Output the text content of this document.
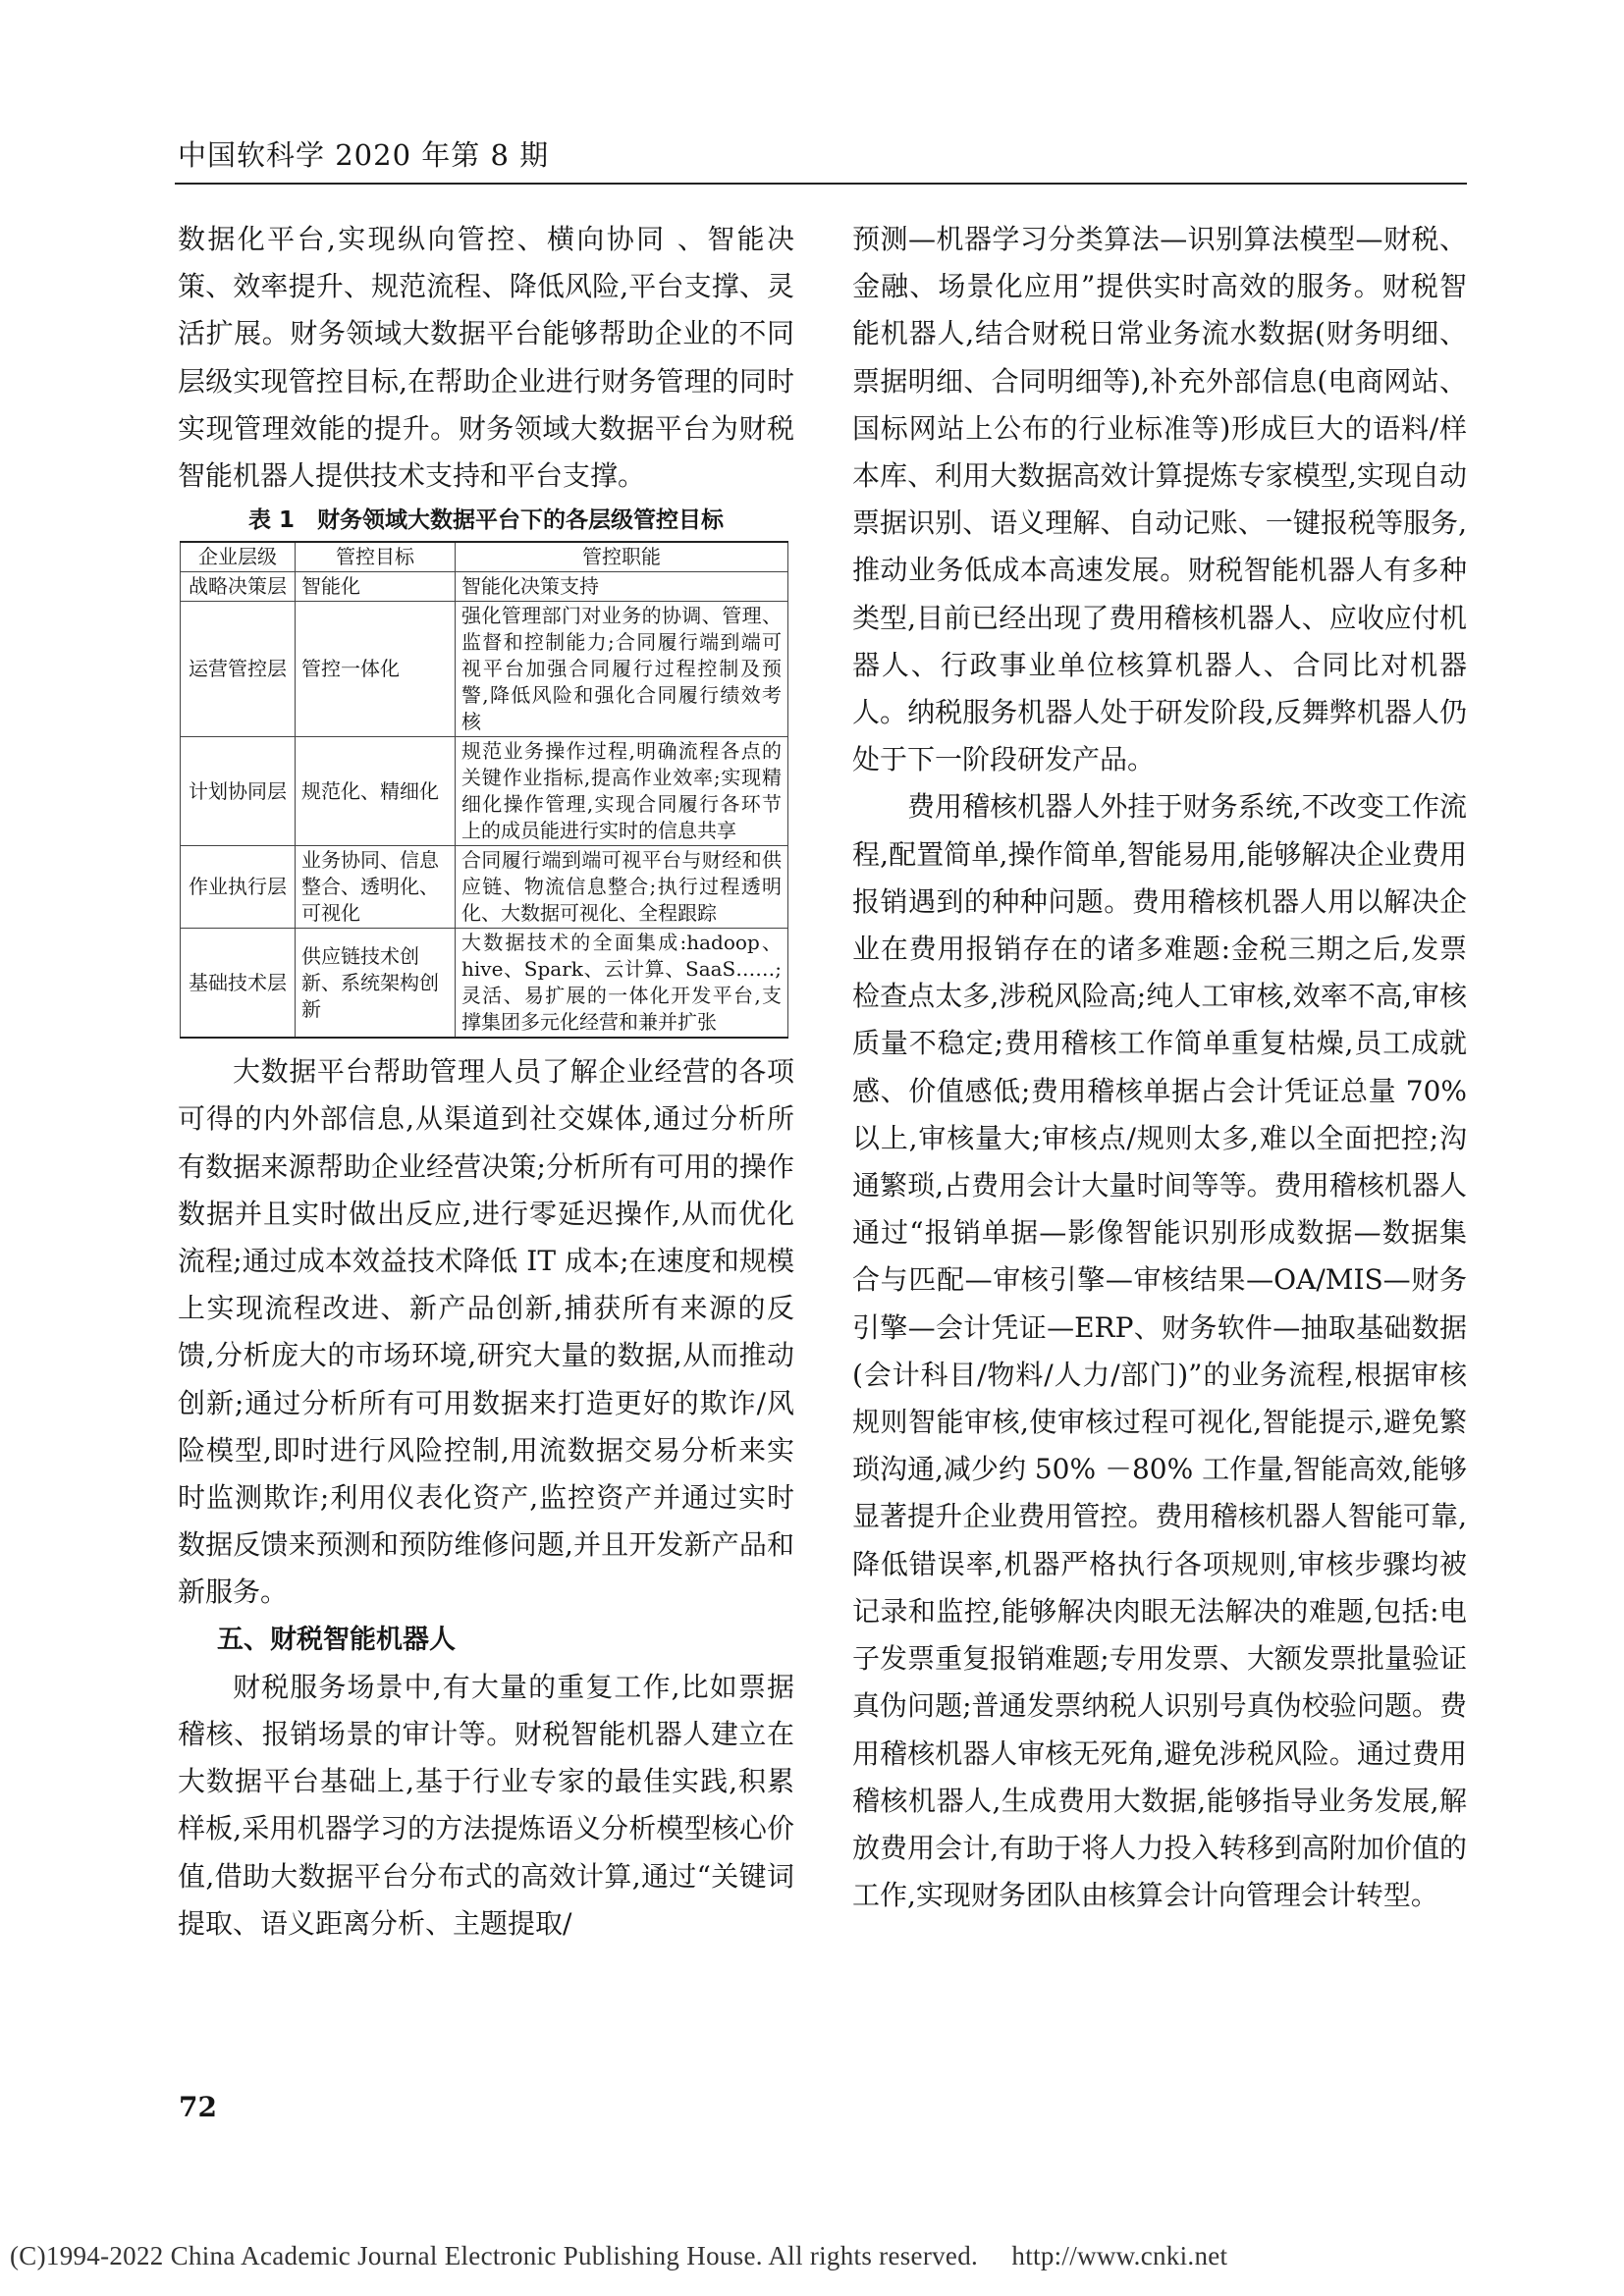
中国软科学 2020 年第 8 期

数据化平台,实现纵向管控、横向协同 、智能决策、效率提升、规范流程、降低风险,平台支撑、灵活扩展。财务领域大数据平台能够帮助企业的不同层级实现管控目标,在帮助企业进行财务管理的同时实现管理效能的提升。财务领域大数据平台为财税智能机器人提供技术支持和平台支撑。

表 1　财务领域大数据平台下的各层级管控目标
企业层级	管控目标	管控职能
战略决策层	智能化	智能化决策支持
运营管控层	管控一体化	强化管理部门对业务的协调、管理、监督和控制能力;合同履行端到端可视平台加强合同履行过程控制及预警,降低风险和强化合同履行绩效考核
计划协同层	规范化、精细化	规范业务操作过程,明确流程各点的关键作业指标,提高作业效率;实现精细化操作管理,实现合同履行各环节上的成员能进行实时的信息共享
作业执行层	业务协同、信息整合、透明化、可视化	合同履行端到端可视平台与财经和供应链、物流信息整合;执行过程透明化、大数据可视化、全程跟踪
基础技术层	供应链技术创新、系统架构创新	大数据技术的全面集成:hadoop、hive、Spark、云计算、SaaS……;灵活、易扩展的一体化开发平台,支撑集团多元化经营和兼并扩张

大数据平台帮助管理人员了解企业经营的各项可得的内外部信息,从渠道到社交媒体,通过分析所有数据来源帮助企业经营决策;分析所有可用的操作数据并且实时做出反应,进行零延迟操作,从而优化流程;通过成本效益技术降低 IT 成本;在速度和规模上实现流程改进、新产品创新,捕获所有来源的反馈,分析庞大的市场环境,研究大量的数据,从而推动创新;通过分析所有可用数据来打造更好的欺诈/风险模型,即时进行风险控制,用流数据交易分析来实时监测欺诈;利用仪表化资产,监控资产并通过实时数据反馈来预测和预防维修问题,并且开发新产品和新服务。

五、财税智能机器人

财税服务场景中,有大量的重复工作,比如票据稽核、报销场景的审计等。财税智能机器人建立在大数据平台基础上,基于行业专家的最佳实践,积累样板,采用机器学习的方法提炼语义分析模型核心价值,借助大数据平台分布式的高效计算,通过“关键词提取、语义距离分析、主题提取/

预测—机器学习分类算法—识别算法模型—财税、金融、场景化应用”提供实时高效的服务。财税智能机器人,结合财税日常业务流水数据(财务明细、票据明细、合同明细等),补充外部信息(电商网站、国标网站上公布的行业标准等)形成巨大的语料/样本库、利用大数据高效计算提炼专家模型,实现自动票据识别、语义理解、自动记账、一键报税等服务,推动业务低成本高速发展。财税智能机器人有多种类型,目前已经出现了费用稽核机器人、应收应付机器人、行政事业单位核算机器人、合同比对机器人。纳税服务机器人处于研发阶段,反舞弊机器人仍处于下一阶段研发产品。

费用稽核机器人外挂于财务系统,不改变工作流程,配置简单,操作简单,智能易用,能够解决企业费用报销遇到的种种问题。费用稽核机器人用以解决企业在费用报销存在的诸多难题:金税三期之后,发票检查点太多,涉税风险高;纯人工审核,效率不高,审核质量不稳定;费用稽核工作简单重复枯燥,员工成就感、价值感低;费用稽核单据占会计凭证总量 70% 以上,审核量大;审核点/规则太多,难以全面把控;沟通繁琐,占费用会计大量时间等等。费用稽核机器人通过“报销单据—影像智能识别形成数据—数据集合与匹配—审核引擎—审核结果—OA/MIS—财务引擎—会计凭证—ERP、财务软件—抽取基础数据(会计科目/物料/人力/部门)”的业务流程,根据审核规则智能审核,使审核过程可视化,智能提示,避免繁琐沟通,减少约 50% －80% 工作量,智能高效,能够显著提升企业费用管控。费用稽核机器人智能可靠,降低错误率,机器严格执行各项规则,审核步骤均被记录和监控,能够解决肉眼无法解决的难题,包括:电子发票重复报销难题;专用发票、大额发票批量验证真伪问题;普通发票纳税人识别号真伪校验问题。费用稽核机器人审核无死角,避免涉税风险。通过费用稽核机器人,生成费用大数据,能够指导业务发展,解放费用会计,有助于将人力投入转移到高附加价值的工作,实现财务团队由核算会计向管理会计转型。

72
(C)1994-2022 China Academic Journal Electronic Publishing House. All rights reserved.　 http://www.cnki.net
